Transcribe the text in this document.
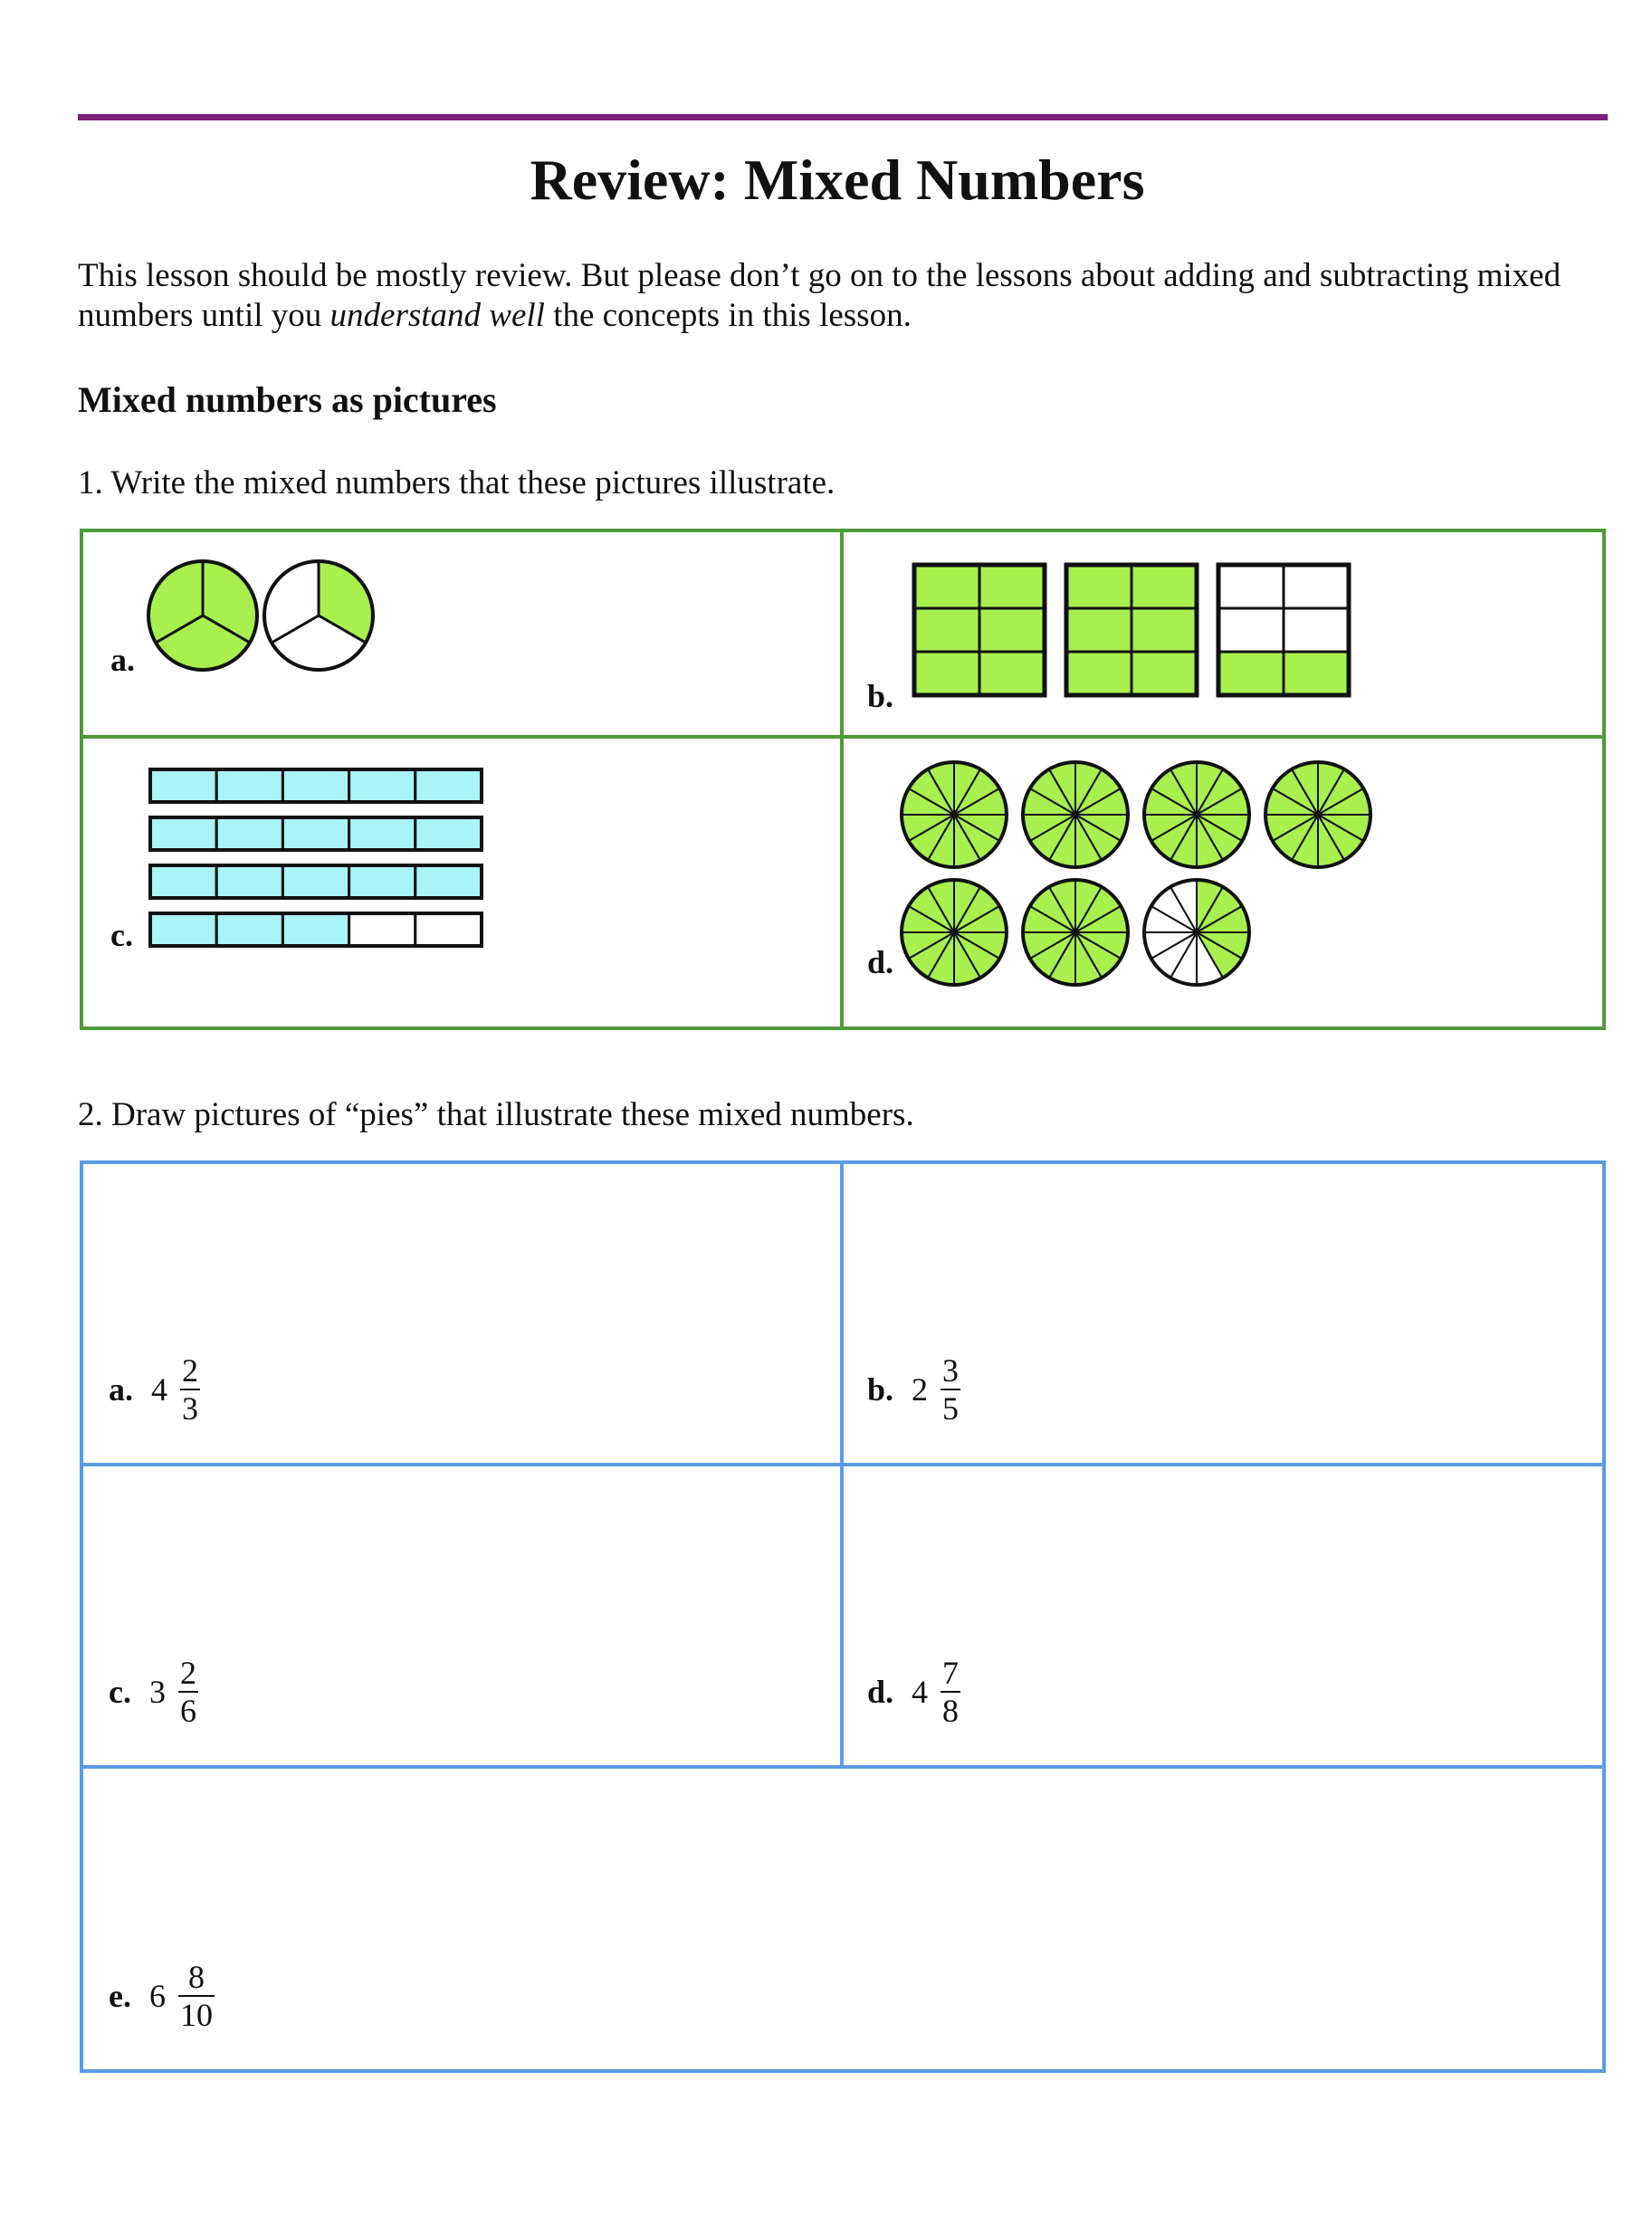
Review: Mixed Numbers

This lesson should be mostly review. But please don’t go on to the lessons about adding and subtracting mixed numbers until you understand well the concepts in this lesson.

Mixed numbers as pictures

1. Write the mixed numbers that these pictures illustrate.

a.
b.
c.
d.

2. Draw pictures of “pies” that illustrate these mixed numbers.

a. $4 \frac{2}{3}$	b. $2 \frac{3}{5}$
c. $3 \frac{2}{6}$	d. $4 \frac{7}{8}$
e. $6 \frac{8}{10}$
